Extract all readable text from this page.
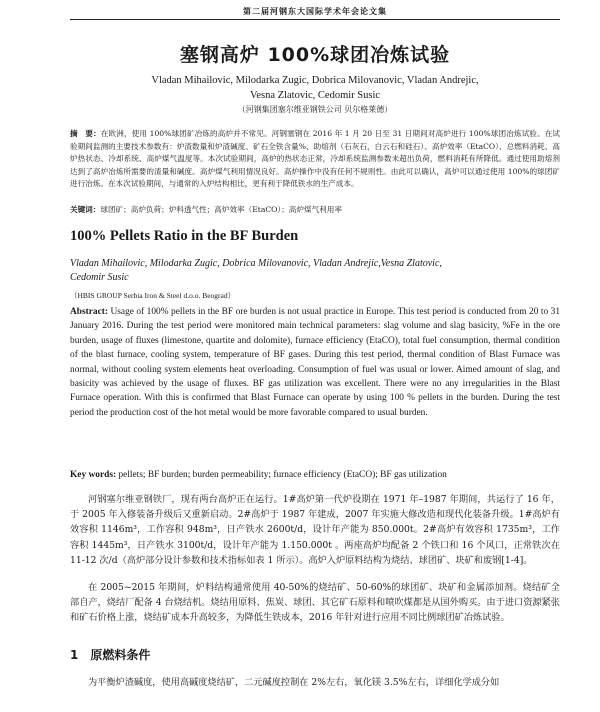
第二届河钢东大国际学术年会论文集
塞钢高炉 100%球团冶炼试验
Vladan Mihailovic, Milodarka Zugic, Dobrica Milovanovic, Vladan Andrejic,
Vesna Zlatovic, Cedomir Susic
（河钢集团塞尔维亚钢铁公司 贝尔格莱德）

摘　要：在欧洲，使用 100%球团矿冶炼的高炉并不常见。河钢塞钢在 2016 年 1 月 20 日至 31 日期间对高炉进行 100%球团冶炼试验。在试验期间监测的主要技术参数有：炉渣数量和炉渣碱度、矿石全铁含量%、助熔剂（石灰石，白云石和硅石）、高炉效率（EtaCO）、总燃料消耗、高炉热状态、冷却系统、高炉煤气温度等。本次试验期间，高炉的热状态正常，冷却系统监测参数未超出负荷，燃料消耗有所降低。通过使用助熔剂达到了高炉冶炼所需要的渣量和碱度。高炉煤气利用情况良好。高炉操作中没有任何不规则性。由此可以确认，高炉可以通过使用 100%的球团矿进行冶炼。在本次试验期间，与通常的入炉结构相比，更有利于降低铁水的生产成本。

关键词：球团矿；高炉负荷；炉料透气性；高炉效率（EtaCO）；高炉煤气利用率

100% Pellets Ratio in the BF Burden
Vladan Mihailovic, Milodarka Zugic, Dobrica Milovanovic, Vladan Andrejic,Vesna Zlatovic,
Cedomir Susic
（HBIS GROUP Serbia Iron & Steel d.o.o. Beograd）

Abstract: Usage of 100% pellets in the BF ore burden is not usual practice in Europe. This test period is conducted from 20 to 31 January 2016. During the test period were monitored main technical parameters: slag volume and slag basicity, %Fe in the ore burden, usage of fluxes (limestone, quartite and dolomite), furnace efficiency (EtaCO), total fuel consumption, thermal condition of the blast furnace, cooling system, temperature of BF gases. During this test period, thermal condition of Blast Furnace was normal, without cooling system elements heat overloading. Consumption of fuel was usual or lower. Aimed amount of slag, and basicity was achieved by the usage of fluxes. BF gas utilization was excellent. There were no any irregularities in the Blast Furnace operation. With this is confirmed that Blast Furnace can operate by using 100 % pellets in the burden. During the test period the production cost of the hot metal would be more favorable compared to usual burden.

Key words: pellets; BF burden; burden permeability; furnace efficiency (EtaCO); BF gas utilization

河钢塞尔维亚钢铁厂，现有两台高炉正在运行。1#高炉第一代炉役期在 1971 年–1987 年期间，共运行了 16 年，于 2005 年入修装备升级后又重新启动。2#高炉于 1987 年建成，2007 年实施大修改造和现代化装备升级。1#高炉有效容积 1146m³，工作容积 948m³，日产铁水 2600t/d，设计年产能为 850.000t。2#高炉有效容积 1735m³，工作容积 1445m³，日产铁水 3100t/d，设计年产能为 1.150.000t 。两座高炉均配备 2 个铁口和 16 个风口，正常铁次在 11-12 次/d（高炉部分设计参数和技术指标如表 1 所示）。高炉入炉原料结构为烧结、球团矿、块矿和废钢[1-4]。

在 2005~2015 年期间，炉料结构通常使用 40-50%的烧结矿、50-60%的球团矿、块矿和金属添加剂。烧结矿全部自产，烧结厂配备 4 台烧结机。烧结用原料、焦炭、球团、其它矿石原料和喷吹煤都是从国外购买。由于进口资源紧张和矿石价格上涨，烧结矿成本升高较多，为降低生铁成本，2016 年针对进行应用不同比例球团矿冶炼试验。

1 原燃料条件

为平衡炉渣碱度，使用高碱度烧结矿，二元碱度控制在 2%左右，氧化镁 3.5%左右，详细化学成分如
